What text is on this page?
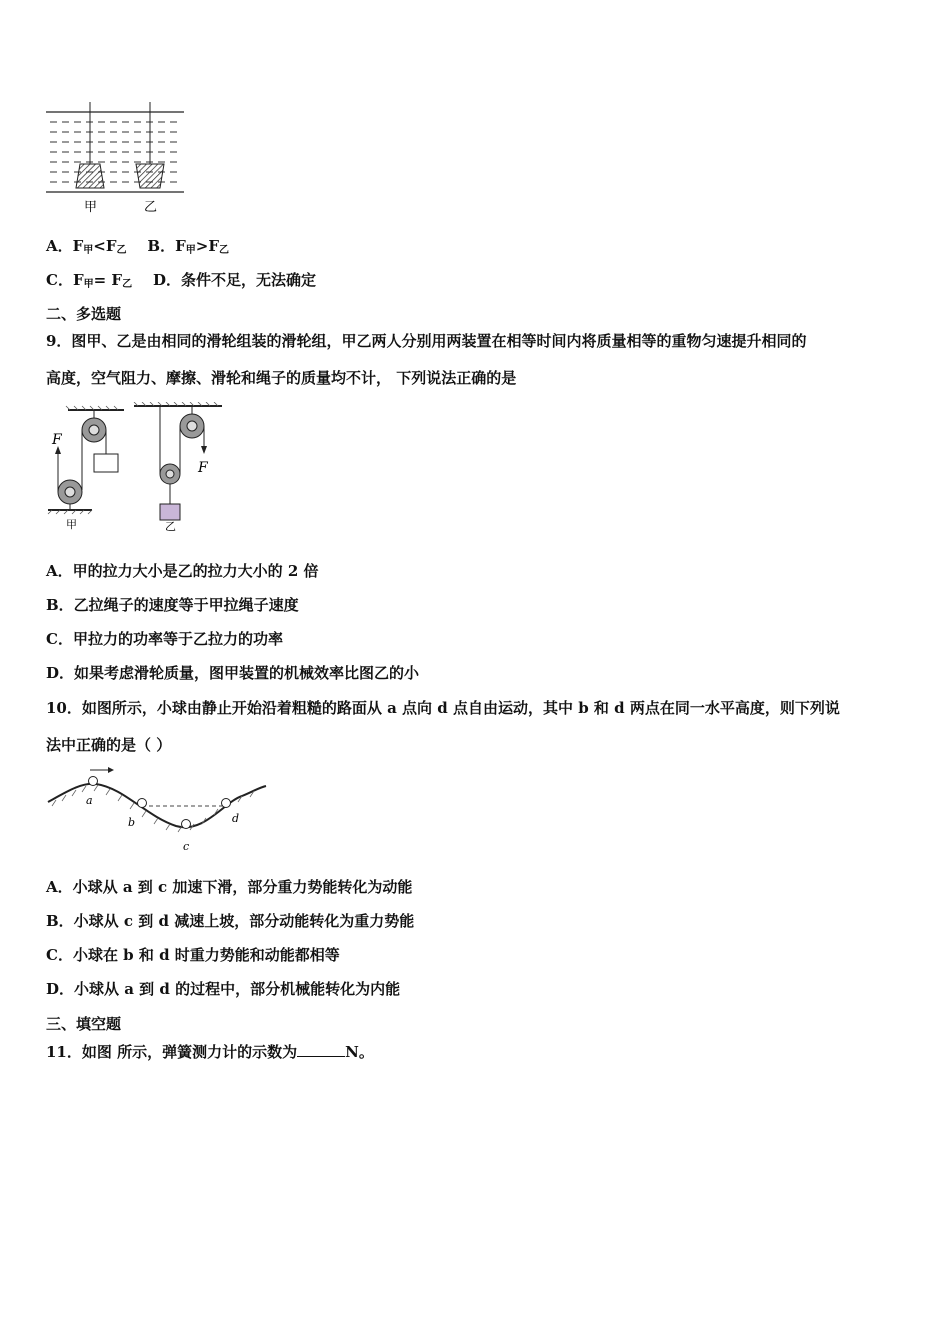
甲	乙
A．F甲<F乙 B．F甲>F乙
C．F甲= F乙 D．条件不足，无法确定
二、多选题
9．图甲、乙是由相同的滑轮组装的滑轮组，甲乙两人分别用两装置在相等时间内将质量相等的重物匀速提升相同的
高度，空气阻力、摩擦、滑轮和绳子的质量均不计， 下列说法正确的是
F
甲
F
乙
A．甲的拉力大小是乙的拉力大小的 2 倍
B．乙拉绳子的速度等于甲拉绳子速度
C．甲拉力的功率等于乙拉力的功率
D．如果考虑滑轮质量，图甲装置的机械效率比图乙的小
10．如图所示，小球由静止开始沿着粗糙的路面从 a 点向 d 点自由运动，其中 b 和 d 两点在同一水平高度，则下列说
法中正确的是（ ）
a
b
c
d
A．小球从 a 到 c 加速下滑，部分重力势能转化为动能
B．小球从 c 到 d 减速上坡，部分动能转化为重力势能
C．小球在 b 和 d 时重力势能和动能都相等
D．小球从 a 到 d 的过程中，部分机械能转化为内能
三、填空题
11．如图 所示，弹簧测力计的示数为	N。
